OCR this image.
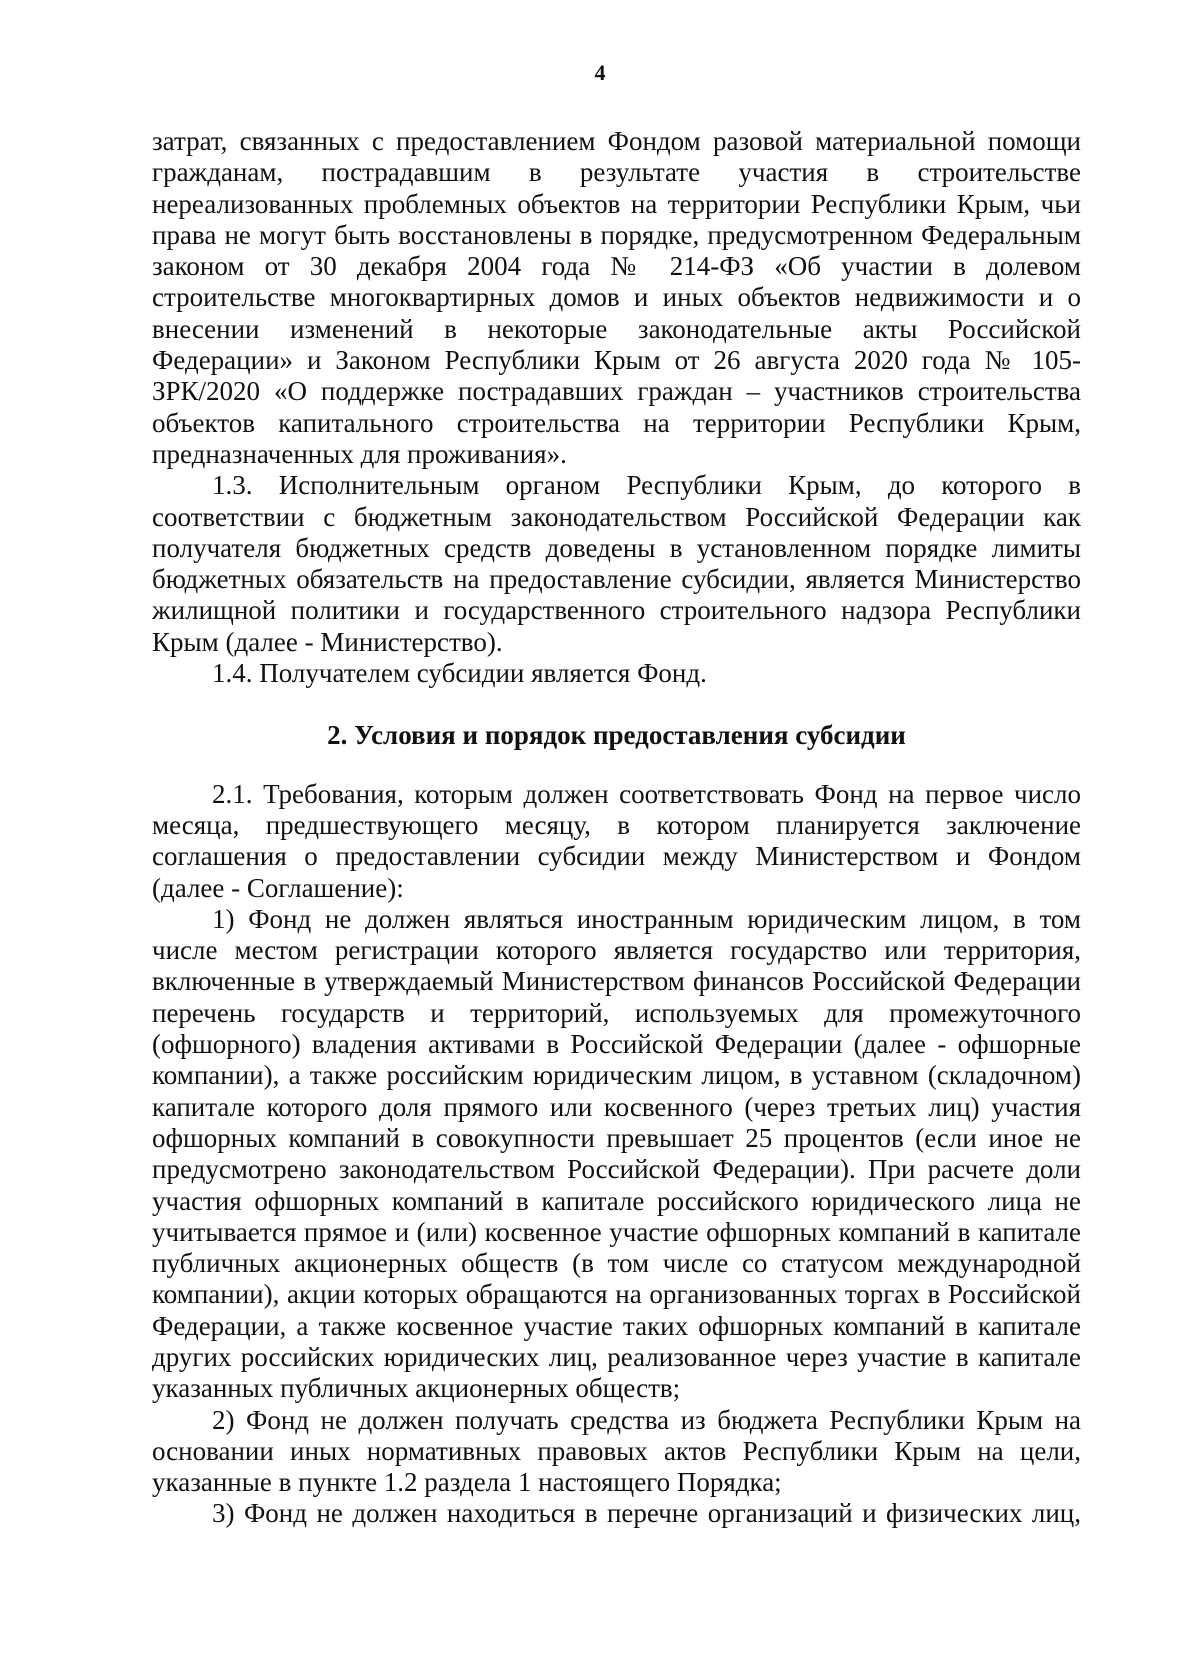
4

затрат, связанных с предоставлением Фондом разовой материальной помощи гражданам, пострадавшим в результате участия в строительстве нереализованных проблемных объектов на территории Республики Крым, чьи права не могут быть восстановлены в порядке, предусмотренном Федеральным законом от 30 декабря 2004 года № 214-ФЗ «Об участии в долевом строительстве многоквартирных домов и иных объектов недвижимости и о внесении изменений в некоторые законодательные акты Российской Федерации» и Законом Республики Крым от 26 августа 2020 года № 105-ЗРК/2020 «О поддержке пострадавших граждан – участников строительства объектов капитального строительства на территории Республики Крым, предназначенных для проживания».

1.3. Исполнительным органом Республики Крым, до которого в соответствии с бюджетным законодательством Российской Федерации как получателя бюджетных средств доведены в установленном порядке лимиты бюджетных обязательств на предоставление субсидии, является Министерство жилищной политики и государственного строительного надзора Республики Крым (далее - Министерство).

1.4. Получателем субсидии является Фонд.

2. Условия и порядок предоставления субсидии

2.1. Требования, которым должен соответствовать Фонд на первое число месяца, предшествующего месяцу, в котором планируется заключение соглашения о предоставлении субсидии между Министерством и Фондом (далее - Соглашение):

1) Фонд не должен являться иностранным юридическим лицом, в том числе местом регистрации которого является государство или территория, включенные в утверждаемый Министерством финансов Российской Федерации перечень государств и территорий, используемых для промежуточного (офшорного) владения активами в Российской Федерации (далее - офшорные компании), а также российским юридическим лицом, в уставном (складочном) капитале которого доля прямого или косвенного (через третьих лиц) участия офшорных компаний в совокупности превышает 25 процентов (если иное не предусмотрено законодательством Российской Федерации). При расчете доли участия офшорных компаний в капитале российского юридического лица не учитывается прямое и (или) косвенное участие офшорных компаний в капитале публичных акционерных обществ (в том числе со статусом международной компании), акции которых обращаются на организованных торгах в Российской Федерации, а также косвенное участие таких офшорных компаний в капитале других российских юридических лиц, реализованное через участие в капитале указанных публичных акционерных обществ;

2) Фонд не должен получать средства из бюджета Республики Крым на основании иных нормативных правовых актов Республики Крым на цели, указанные в пункте 1.2 раздела 1 настоящего Порядка;

3) Фонд не должен находиться в перечне организаций и физических лиц,
